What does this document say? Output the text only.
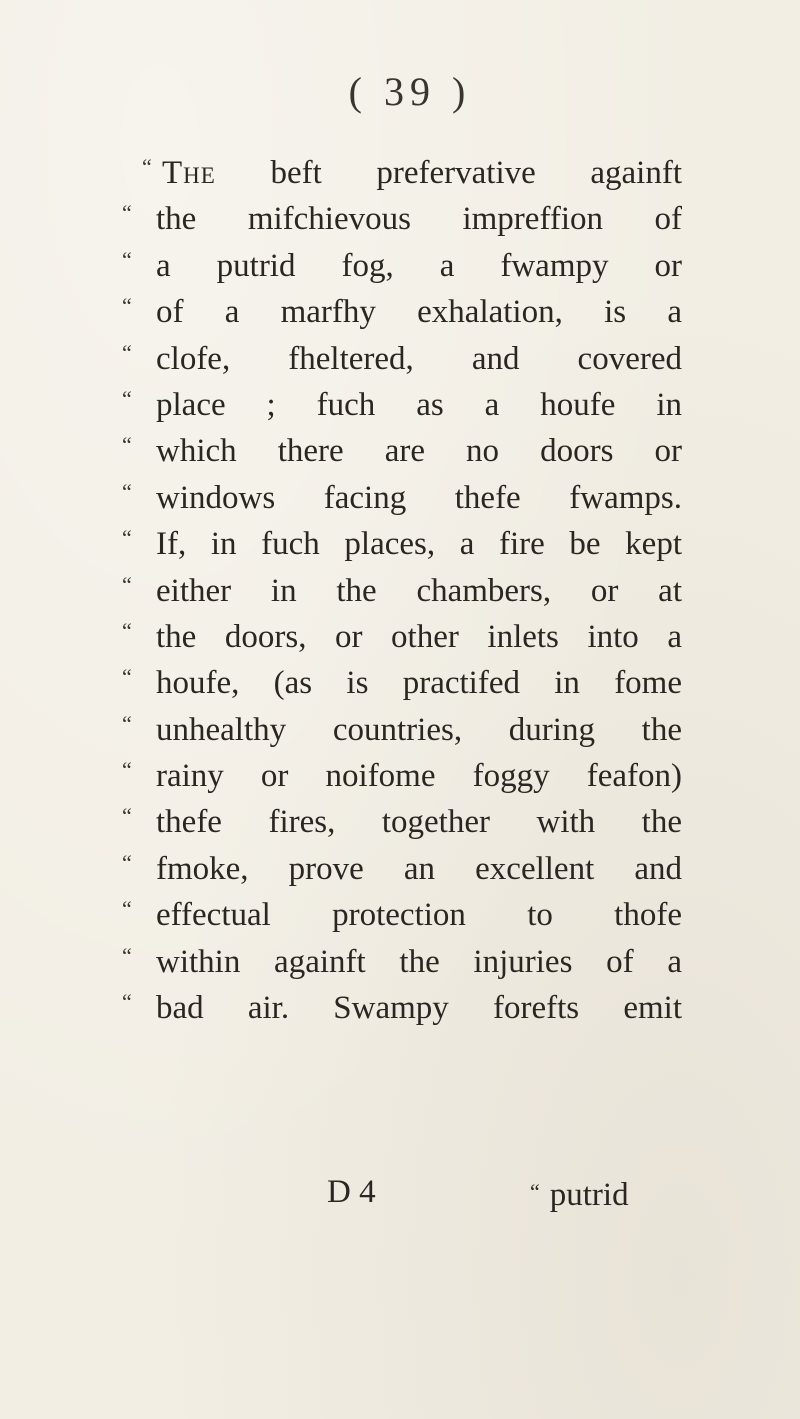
( 39 )
“ The beft prefervative againft
“ the mifchievous impreffion of
“ a putrid fog, a fwampy or
“ of a marfhy exhalation, is a
“ clofe, fheltered, and covered
“ place ; fuch as a houfe in
“ which there are no doors or
“ windows facing thefe fwamps.
“ If, in fuch places, a fire be kept
“ either in the chambers, or at
“ the doors, or other inlets into a
“ houfe, (as is practifed in fome
“ unhealthy countries, during the
“ rainy or noifome foggy feafon)
“ thefe fires, together with the
“ fmoke, prove an excellent and
“ effectual protection to thofe
“ within againft the injuries of a
“ bad air. Swampy forefts emit
D 4	“ putrid
